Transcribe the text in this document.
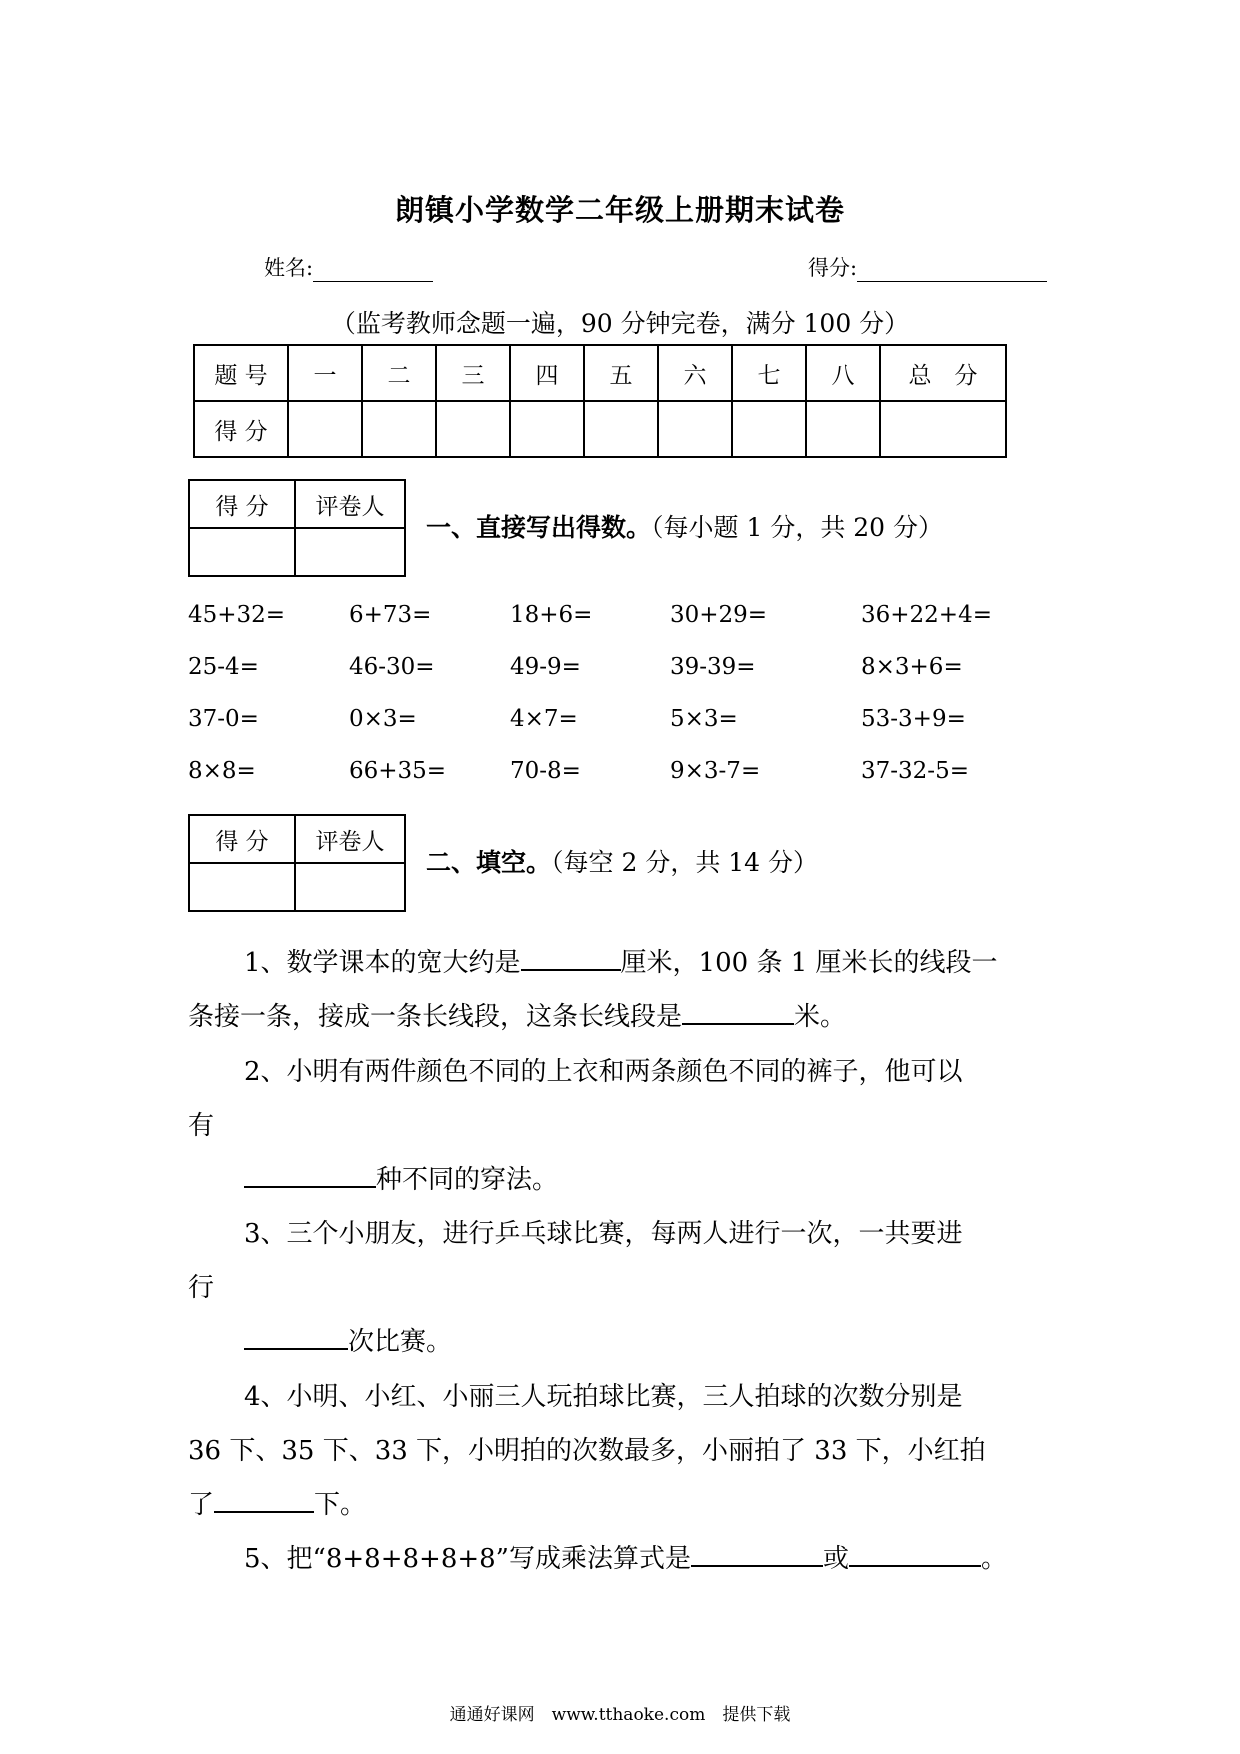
朗镇小学数学二年级上册期末试卷
姓名:	得分:
（监考教师念题一遍，90 分钟完卷，满分 100 分）
题 号	一	二	三	四	五	六	七	八	总　分
得 分									
得 分	评卷人

一、直接写出得数。（每小题 1 分，共 20 分）
45+32=	6+73=	18+6=	30+29=	36+22+4=
25-4=	46-30=	49-9=	39-39=	8×3+6=
37-0=	0×3=	4×7=	5×3=	53-3+9=
8×8=	66+35=	70-8=	9×3-7=	37-32-5=
得 分	评卷人

二、填空。（每空 2 分，共 14 分）
1、数学课本的宽大约是	厘米，100 条 1 厘米长的线段一
条接一条，接成一条长线段，这条长线段是	米。
2、小明有两件颜色不同的上衣和两条颜色不同的裤子，他可以
有
种不同的穿法。
3、三个小朋友，进行乒乓球比赛，每两人进行一次，一共要进
行
次比赛。
4、小明、小红、小丽三人玩拍球比赛，三人拍球的次数分别是
36 下、35 下、33 下，小明拍的次数最多，小丽拍了 33 下，小红拍
了	下。
5、把“8+8+8+8+8”写成乘法算式是	或	。
通通好课网　www.tthaoke.com　提供下载
